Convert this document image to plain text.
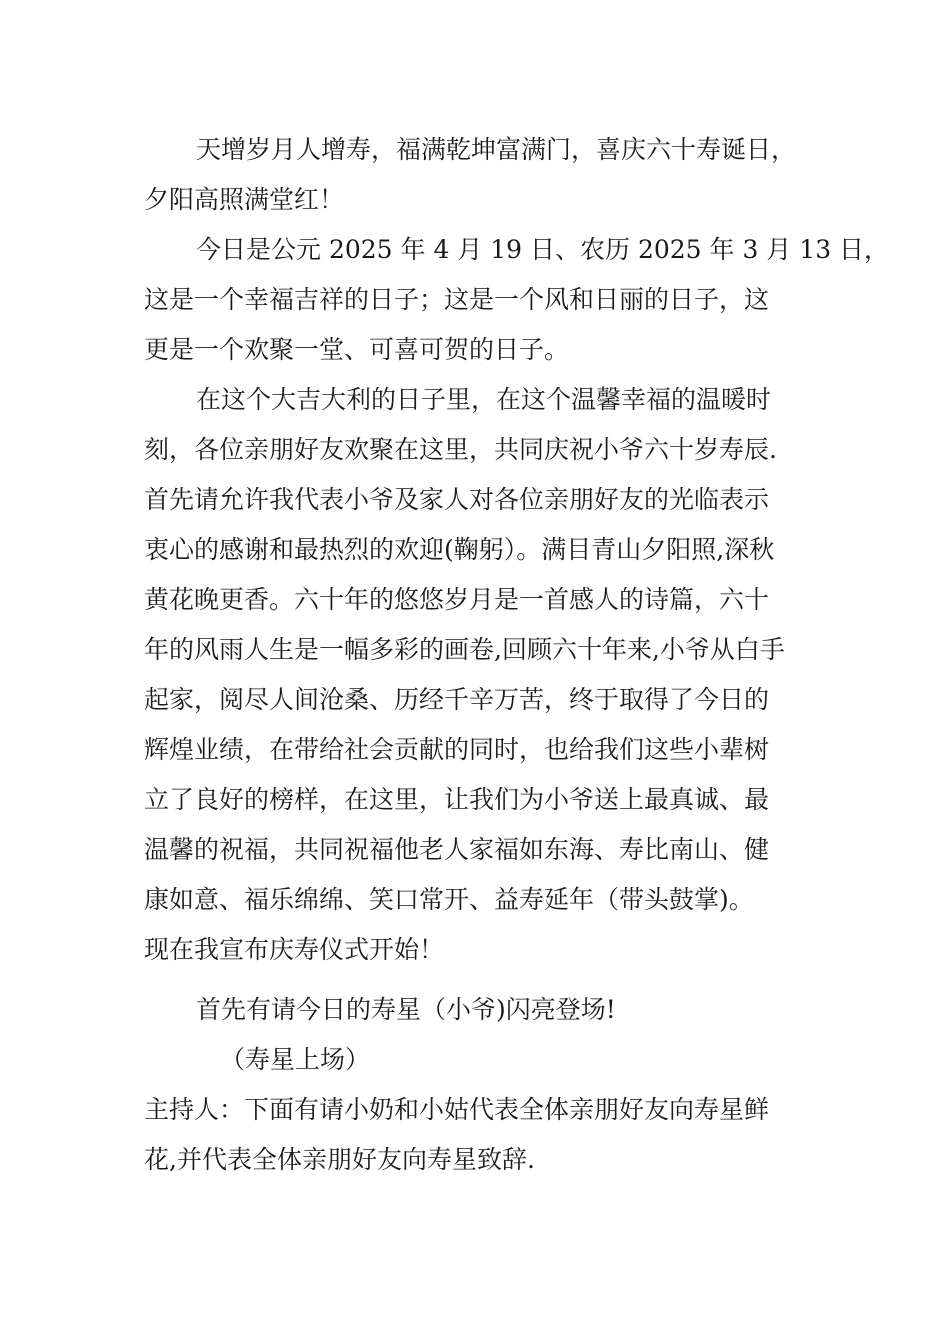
天增岁月人增寿，福满乾坤富满门，喜庆六十寿诞日，
夕阳高照满堂红！
今日是公元 2025 年 4 月 19 日、农历 2025 年 3 月 13 日，
这是一个幸福吉祥的日子；这是一个风和日丽的日子，这
更是一个欢聚一堂、可喜可贺的日子。
在这个大吉大利的日子里，在这个温馨幸福的温暖时
刻，各位亲朋好友欢聚在这里，共同庆祝小爷六十岁寿辰.
首先请允许我代表小爷及家人对各位亲朋好友的光临表示
衷心的感谢和最热烈的欢迎(鞠躬）。满目青山夕阳照,深秋
黄花晚更香。六十年的悠悠岁月是一首感人的诗篇，六十
年的风雨人生是一幅多彩的画卷,回顾六十年来,小爷从白手
起家，阅尽人间沧桑、历经千辛万苦，终于取得了今日的
辉煌业绩，在带给社会贡献的同时，也给我们这些小辈树
立了良好的榜样，在这里，让我们为小爷送上最真诚、最
温馨的祝福，共同祝福他老人家福如东海、寿比南山、健
康如意、福乐绵绵、笑口常开、益寿延年（带头鼓掌)。
现在我宣布庆寿仪式开始！
首先有请今日的寿星（小爷)闪亮登场!
（寿星上场）
主持人：下面有请小奶和小姑代表全体亲朋好友向寿星鲜
花,并代表全体亲朋好友向寿星致辞.
